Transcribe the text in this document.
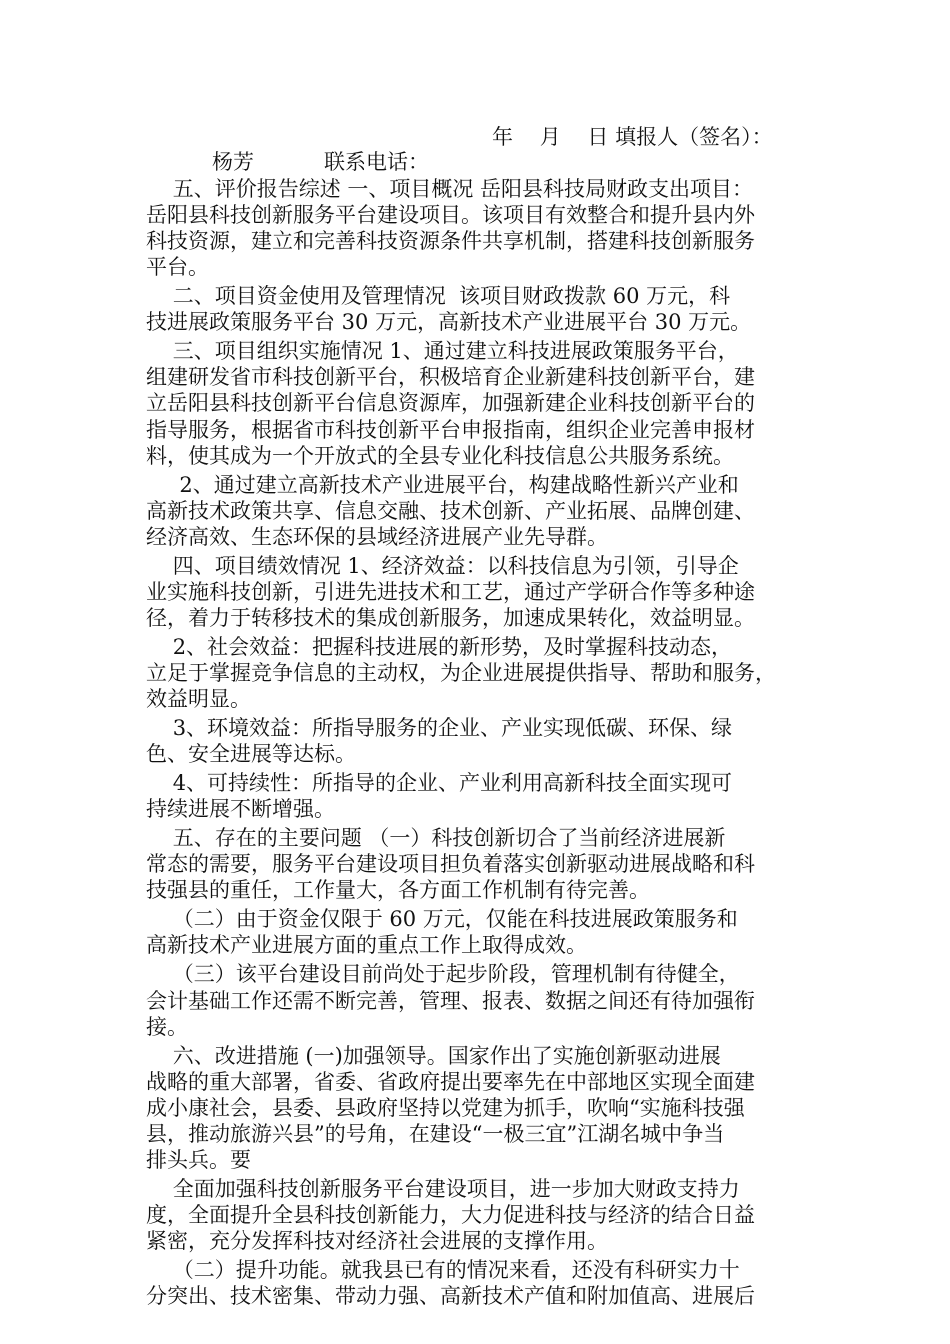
年    月    日 填报人（签名）：
杨芳	联系电话：
五、评价报告综述 一、项目概况 岳阳县科技局财政支出项目：
岳阳县科技创新服务平台建设项目。该项目有效整合和提升县内外
科技资源，建立和完善科技资源条件共享机制，搭建科技创新服务
平台。
二、项目资金使用及管理情况  该项目财政拨款 60 万元，科
技进展政策服务平台 30 万元，高新技术产业进展平台 30 万元。
三、项目组织实施情况 1、通过建立科技进展政策服务平台，
组建研发省市科技创新平台，积极培育企业新建科技创新平台，建
立岳阳县科技创新平台信息资源库，加强新建企业科技创新平台的
指导服务，根据省市科技创新平台申报指南，组织企业完善申报材
料，使其成为一个开放式的全县专业化科技信息公共服务系统。
2、通过建立高新技术产业进展平台，构建战略性新兴产业和
高新技术政策共享、信息交融、技术创新、产业拓展、品牌创建、
经济高效、生态环保的县域经济进展产业先导群。
四、项目绩效情况 1、经济效益：以科技信息为引领，引导企
业实施科技创新，引进先进技术和工艺，通过产学研合作等多种途
径，着力于转移技术的集成创新服务，加速成果转化，效益明显。
2、社会效益：把握科技进展的新形势，及时掌握科技动态，
立足于掌握竞争信息的主动权，为企业进展提供指导、帮助和服务，
效益明显。
3、环境效益：所指导服务的企业、产业实现低碳、环保、绿
色、安全进展等达标。
4、可持续性：所指导的企业、产业利用高新科技全面实现可
持续进展不断增强。
五、存在的主要问题 （一）科技创新切合了当前经济进展新
常态的需要，服务平台建设项目担负着落实创新驱动进展战略和科
技强县的重任，工作量大，各方面工作机制有待完善。
（二）由于资金仅限于 60 万元，仅能在科技进展政策服务和
高新技术产业进展方面的重点工作上取得成效。
（三）该平台建设目前尚处于起步阶段，管理机制有待健全，
会计基础工作还需不断完善，管理、报表、数据之间还有待加强衔
接。
六、改进措施 (一)加强领导。国家作出了实施创新驱动进展
战略的重大部署，省委、省政府提出要率先在中部地区实现全面建
成小康社会，县委、县政府坚持以党建为抓手，吹响“实施科技强
县，推动旅游兴县”的号角，在建设“一极三宜”江湖名城中争当
排头兵。要
全面加强科技创新服务平台建设项目，进一步加大财政支持力
度，全面提升全县科技创新能力，大力促进科技与经济的结合日益
紧密，充分发挥科技对经济社会进展的支撑作用。
（二）提升功能。就我县已有的情况来看，还没有科研实力十
分突出、技术密集、带动力强、高新技术产值和附加值高、进展后
